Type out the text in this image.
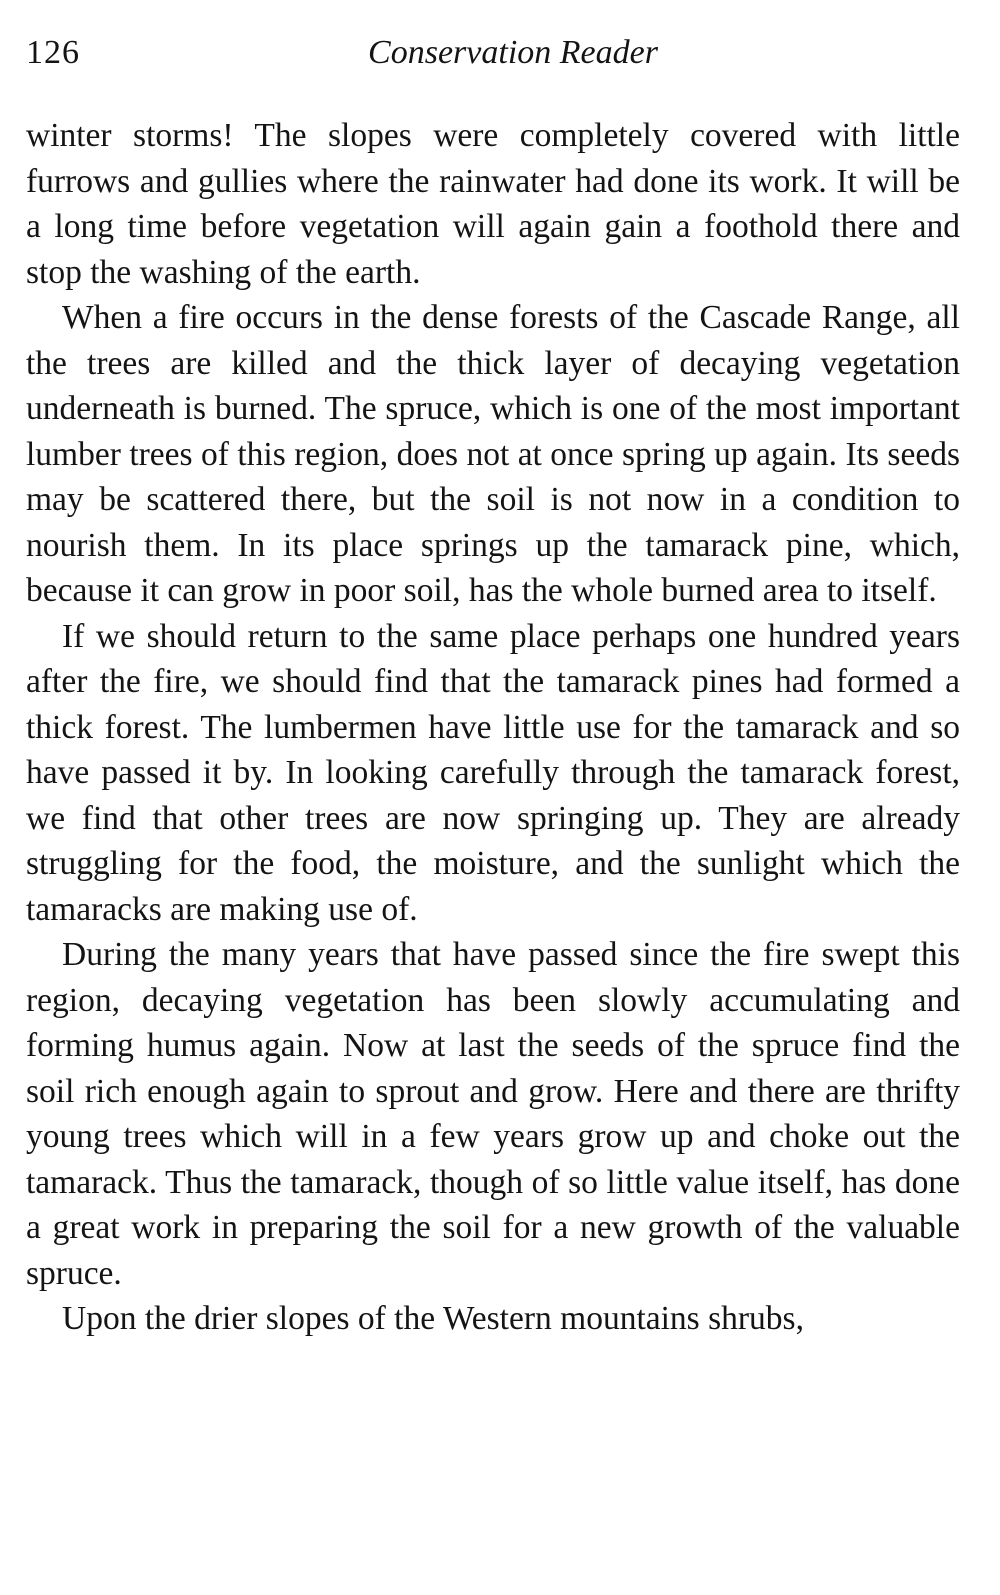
126	Conservation Reader

winter storms! The slopes were completely covered with little furrows and gullies where the rainwater had done its work. It will be a long time before vegetation will again gain a foothold there and stop the washing of the earth.

When a fire occurs in the dense forests of the Cascade Range, all the trees are killed and the thick layer of decaying vegetation underneath is burned. The spruce, which is one of the most important lumber trees of this region, does not at once spring up again. Its seeds may be scattered there, but the soil is not now in a condition to nourish them. In its place springs up the tamarack pine, which, because it can grow in poor soil, has the whole burned area to itself.

If we should return to the same place perhaps one hundred years after the fire, we should find that the tamarack pines had formed a thick forest. The lumbermen have little use for the tamarack and so have passed it by. In looking carefully through the tamarack forest, we find that other trees are now springing up. They are already struggling for the food, the moisture, and the sunlight which the tamaracks are making use of.

During the many years that have passed since the fire swept this region, decaying vegetation has been slowly accumulating and forming humus again. Now at last the seeds of the spruce find the soil rich enough again to sprout and grow. Here and there are thrifty young trees which will in a few years grow up and choke out the tamarack. Thus the tamarack, though of so little value itself, has done a great work in preparing the soil for a new growth of the valuable spruce.

Upon the drier slopes of the Western mountains shrubs,
